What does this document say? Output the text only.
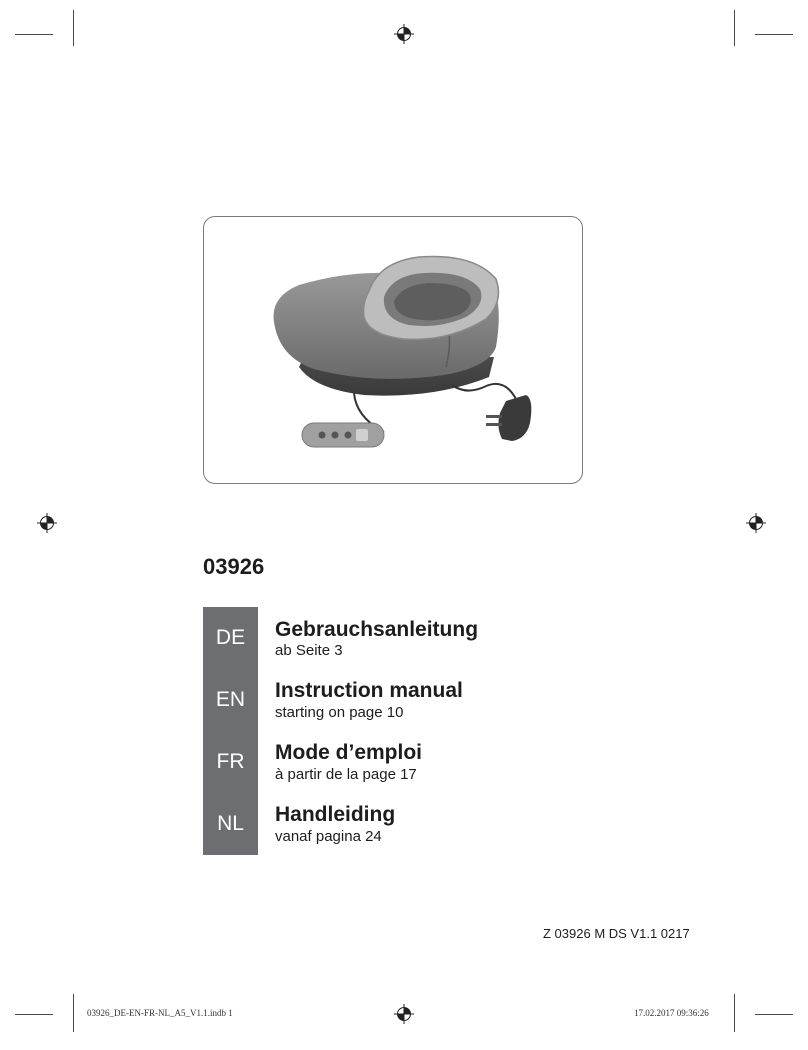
03926
DE	Gebrauchsanleitung
ab Seite 3
EN	Instruction manual
starting on page 10
FR	Mode d’emploi
à partir de la page 17
NL	Handleiding
vanaf pagina 24
Z 03926 M DS V1.1 0217
03926_DE-EN-FR-NL_A5_V1.1.indb 1	17.02.2017 09:36:26
